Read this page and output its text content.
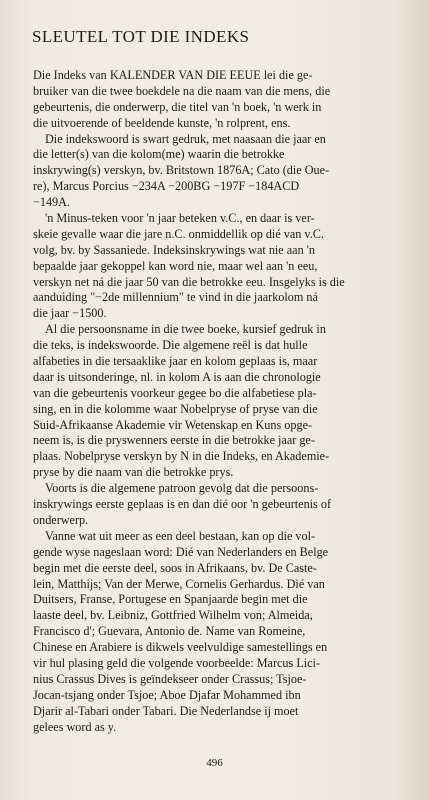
SLEUTEL TOT DIE INDEKS

Die Indeks van KALENDER VAN DIE EEUE lei die ge-
bruiker van die twee boekdele na die naam van die mens, die
gebeurtenis, die onderwerp, die titel van 'n boek, 'n werk in
die uitvoerende of beeldende kunste, 'n rolprent, ens.

Die indekswoord is swart gedruk, met naasaan die jaar en
die letter(s) van die kolom(me) waarin die betrokke
inskrywing(s) verskyn, bv. Britstown 1876A; Cato (die Oue-
re), Marcus Porcius −234A −200BG −197F −184ACD
−149A.

'n Minus-teken voor 'n jaar beteken v.C., en daar is ver-
skeie gevalle waar die jare n.C. onmiddellik op dié van v.C.
volg, bv. by Sassaniede. Indeksinskrywings wat nie aan 'n
bepaalde jaar gekoppel kan word nie, maar wel aan 'n eeu,
verskyn net ná die jaar 50 van die betrokke eeu. Insgelyks is die
aanduiding "−2de millennium" te vind in die jaarkolom ná
die jaar −1500.

Al die persoonsname in die twee boeke, kursief gedruk in
die teks, is indekswoorde. Die algemene reël is dat hulle
alfabeties in die tersaaklike jaar en kolom geplaas is, maar
daar is uitsonderinge, nl. in kolom A is aan die chronologie
van die gebeurtenis voorkeur gegee bo die alfabetiese pla-
sing, en in die kolomme waar Nobelpryse of pryse van die
Suid-Afrikaanse Akademie vir Wetenskap en Kuns opge-
neem is, is die pryswenners eerste in die betrokke jaar ge-
plaas. Nobelpryse verskyn by N in die Indeks, en Akademie-
pryse by die naam van die betrokke prys.

Voorts is die algemene patroon gevolg dat die persoons-
inskrywings eerste geplaas is en dan dié oor 'n gebeurtenis of
onderwerp.

Vanne wat uit meer as een deel bestaan, kan op die vol-
gende wyse nageslaan word: Dié van Nederlanders en Belge
begin met die eerste deel, soos in Afrikaans, bv. De Caste-
lein, Matthijs; Van der Merwe, Cornelis Gerhardus. Dié van
Duitsers, Franse, Portugese en Spanjaarde begin met die
laaste deel, bv. Leibniz, Gottfried Wilhelm von; Almeida,
Francisco d'; Guevara, Antonio de. Name van Romeine,
Chinese en Arabiere is dikwels veelvuldige samestellings en
vir hul plasing geld die volgende voorbeelde: Marcus Lici-
nius Crassus Dives is geïndekseer onder Crassus; Tsjoe-
Jocan-tsjang onder Tsjoe; Aboe Djafar Mohammed ibn
Djarir al-Tabari onder Tabari. Die Nederlandse ij moet
gelees word as y.

496
